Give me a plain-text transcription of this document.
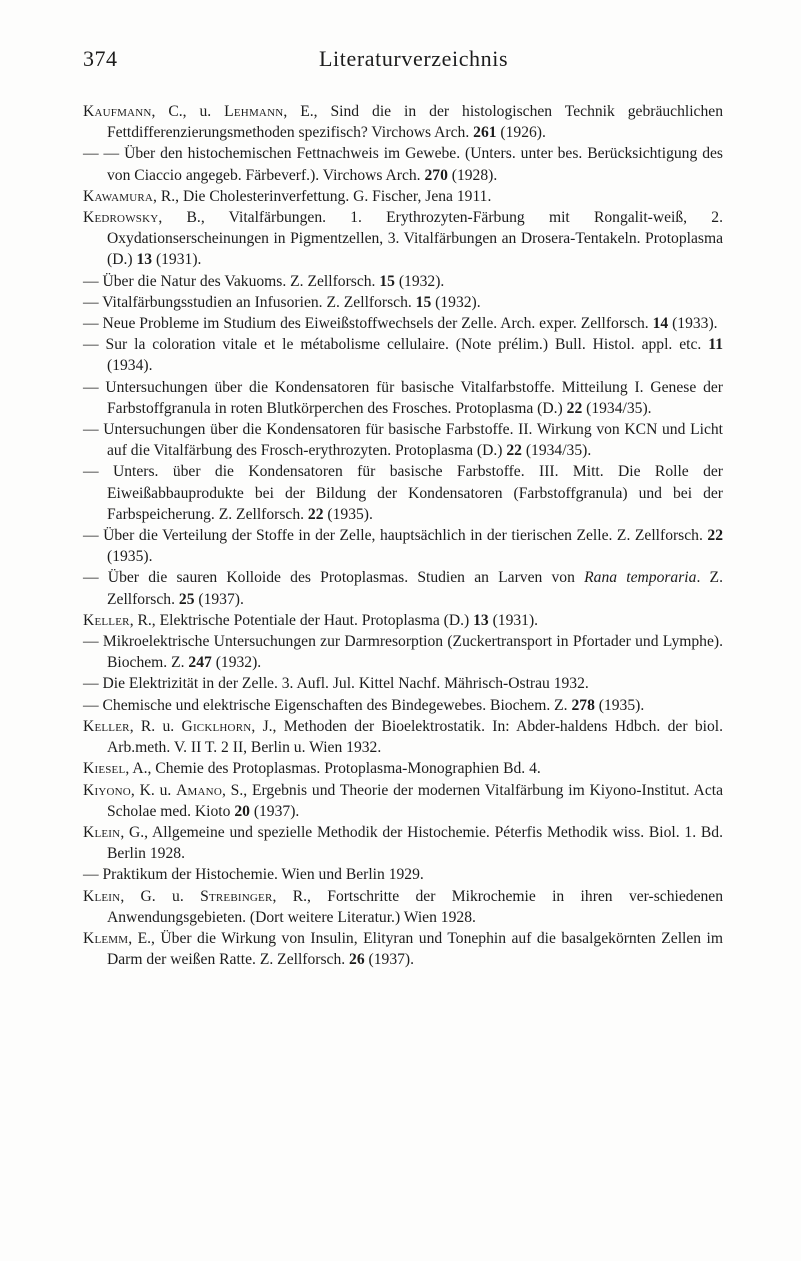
374	Literaturverzeichnis
Kaufmann, C., u. Lehmann, E., Sind die in der histologischen Technik gebräuchlichen Fettdifferenzierungsmethoden spezifisch? Virchows Arch. 261 (1926).
— — Über den histochemischen Fettnachweis im Gewebe. (Unters. unter bes. Berücksichtigung des von Ciaccio angegeb. Färbeverf.). Virchows Arch. 270 (1928).
Kawamura, R., Die Cholesterinverfettung. G. Fischer, Jena 1911.
Kedrowsky, B., Vitalfärbungen. 1. Erythrozyten-Färbung mit Rongalit-weiß, 2. Oxydationserscheinungen in Pigmentzellen, 3. Vitalfärbungen an Drosera-Tentakeln. Protoplasma (D.) 13 (1931).
— Über die Natur des Vakuoms. Z. Zellforsch. 15 (1932).
— Vitalfärbungsstudien an Infusorien. Z. Zellforsch. 15 (1932).
— Neue Probleme im Studium des Eiweißstoffwechsels der Zelle. Arch. exper. Zellforsch. 14 (1933).
— Sur la coloration vitale et le métabolisme cellulaire. (Note prélim.) Bull. Histol. appl. etc. 11 (1934).
— Untersuchungen über die Kondensatoren für basische Vitalfarbstoffe. Mitteilung I. Genese der Farbstoffgranula in roten Blutkörperchen des Frosches. Protoplasma (D.) 22 (1934/35).
— Untersuchungen über die Kondensatoren für basische Farbstoffe. II. Wirkung von KCN und Licht auf die Vitalfärbung des Frosch-erythrozyten. Protoplasma (D.) 22 (1934/35).
— Unters. über die Kondensatoren für basische Farbstoffe. III. Mitt. Die Rolle der Eiweißabbauprodukte bei der Bildung der Kondensatoren (Farbstoffgranula) und bei der Farbspeicherung. Z. Zellforsch. 22 (1935).
— Über die Verteilung der Stoffe in der Zelle, hauptsächlich in der tierischen Zelle. Z. Zellforsch. 22 (1935).
— Über die sauren Kolloide des Protoplasmas. Studien an Larven von Rana temporaria. Z. Zellforsch. 25 (1937).
Keller, R., Elektrische Potentiale der Haut. Protoplasma (D.) 13 (1931).
— Mikroelektrische Untersuchungen zur Darmresorption (Zuckertransport in Pfortader und Lymphe). Biochem. Z. 247 (1932).
— Die Elektrizität in der Zelle. 3. Aufl. Jul. Kittel Nachf. Mährisch-Ostrau 1932.
— Chemische und elektrische Eigenschaften des Bindegewebes. Biochem. Z. 278 (1935).
Keller, R. u. Gicklhorn, J., Methoden der Bioelektrostatik. In: Abder-haldens Hdbch. der biol. Arb.meth. V. II T. 2 II, Berlin u. Wien 1932.
Kiesel, A., Chemie des Protoplasmas. Protoplasma-Monographien Bd. 4.
Kiyono, K. u. Amano, S., Ergebnis und Theorie der modernen Vitalfärbung im Kiyono-Institut. Acta Scholae med. Kioto 20 (1937).
Klein, G., Allgemeine und spezielle Methodik der Histochemie. Péterfis Methodik wiss. Biol. 1. Bd. Berlin 1928.
— Praktikum der Histochemie. Wien und Berlin 1929.
Klein, G. u. Strebinger, R., Fortschritte der Mikrochemie in ihren ver-schiedenen Anwendungsgebieten. (Dort weitere Literatur.) Wien 1928.
Klemm, E., Über die Wirkung von Insulin, Elityran und Tonephin auf die basalgekörnten Zellen im Darm der weißen Ratte. Z. Zellforsch. 26 (1937).
